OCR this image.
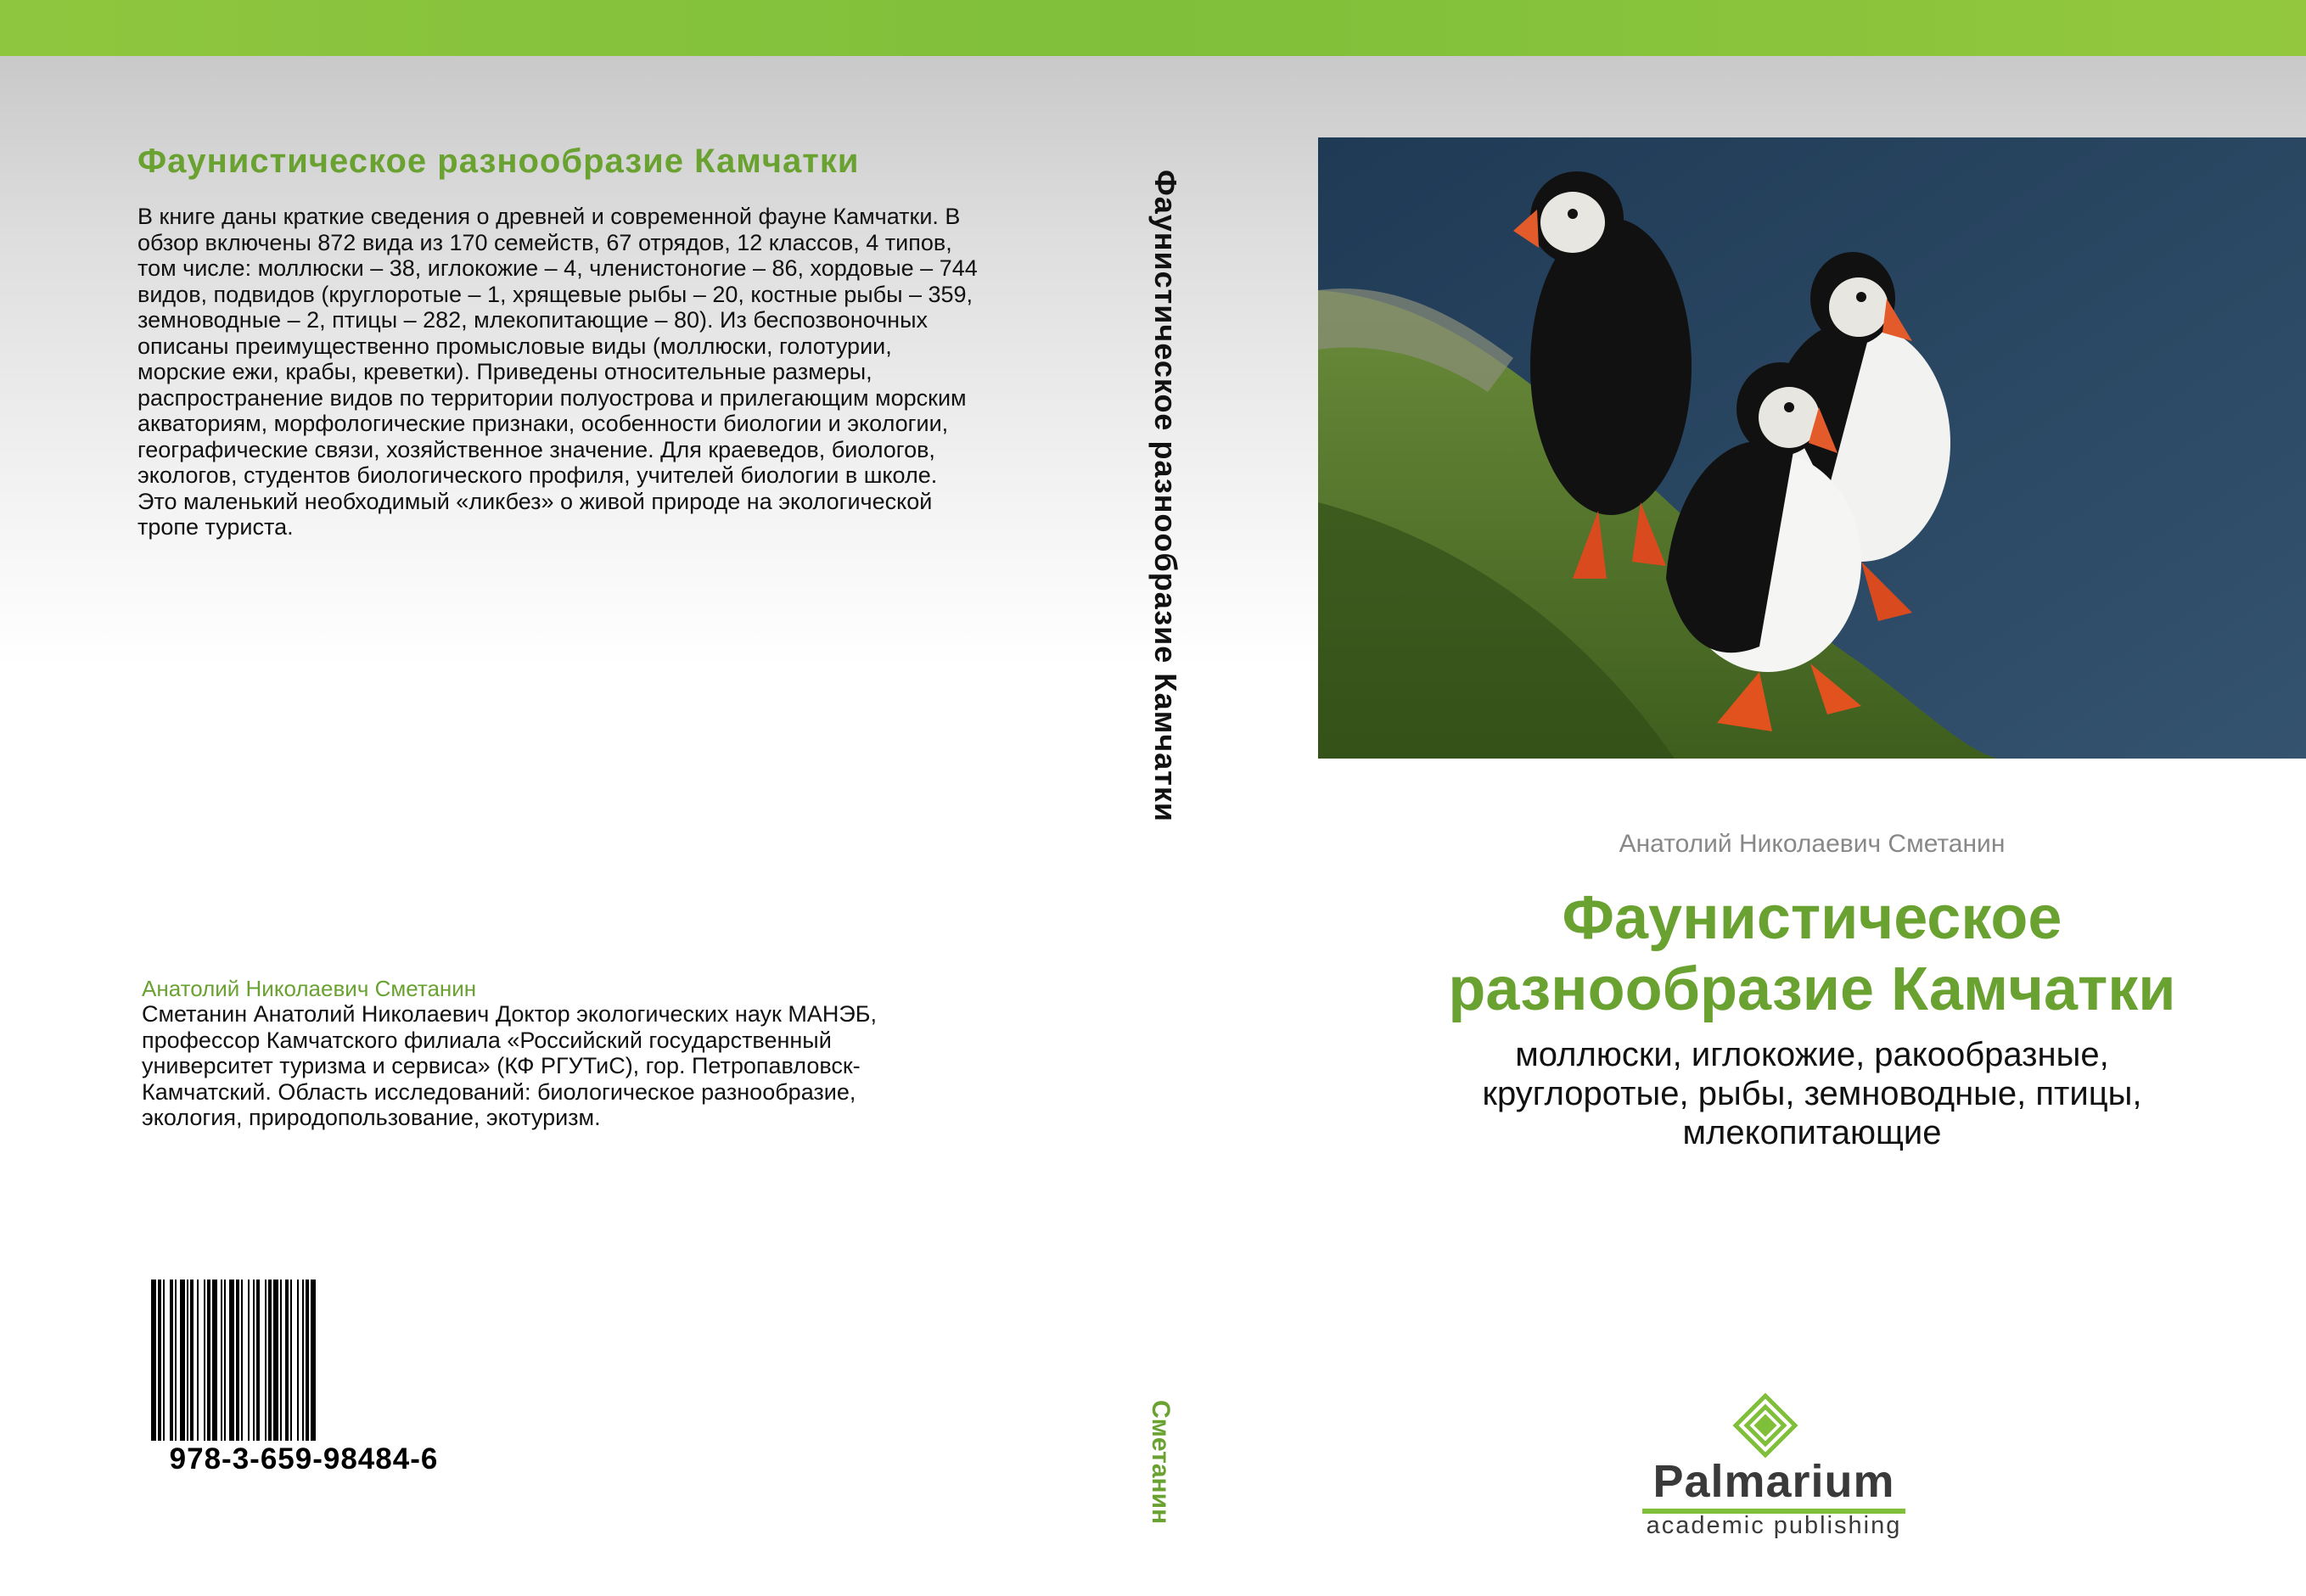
Фаунистическое разнообразие Камчатки
В книге даны краткие сведения о древней и современной фауне Камчатки. В обзор включены 872 вида из 170 семейств, 67 отрядов, 12 классов, 4 типов, том числе: моллюски – 38, иглокожие – 4, членистоногие – 86, хордовые – 744 видов, подвидов (круглоротые – 1, хрящевые рыбы – 20, костные рыбы – 359, земноводные – 2, птицы – 282, млекопитающие – 80). Из беспозвоночных описаны преимущественно промысловые виды (моллюски, голотурии, морские ежи, крабы, креветки). Приведены относительные размеры, распространение видов по территории полуострова и прилегающим морским акваториям, морфологические признаки, особенности биологии и экологии, географические связи, хозяйственное значение. Для краеведов, биологов, экологов, студентов биологического профиля, учителей биологии в школе. Это маленький необходимый «ликбез» о живой природе на экологической тропе туриста.
Анатолий Николаевич Сметанин
Сметанин Анатолий Николаевич Доктор экологических наук МАНЭБ, профессор Камчатского филиала «Российский государственный университет туризма и сервиса» (КФ РГУТиС), гор. Петропавловск-Камчатский. Область исследований: биологическое разнообразие, экология, природопользование, экотуризм.
978-3-659-98484-6
Фаунистическое разнообразие Камчатки
Сметанин
Анатолий Николаевич Сметанин
Фаунистическое
разнообразие Камчатки
моллюски, иглокожие, ракообразные,
круглоротые, рыбы, земноводные, птицы,
млекопитающие
Palmarium
academic publishing
